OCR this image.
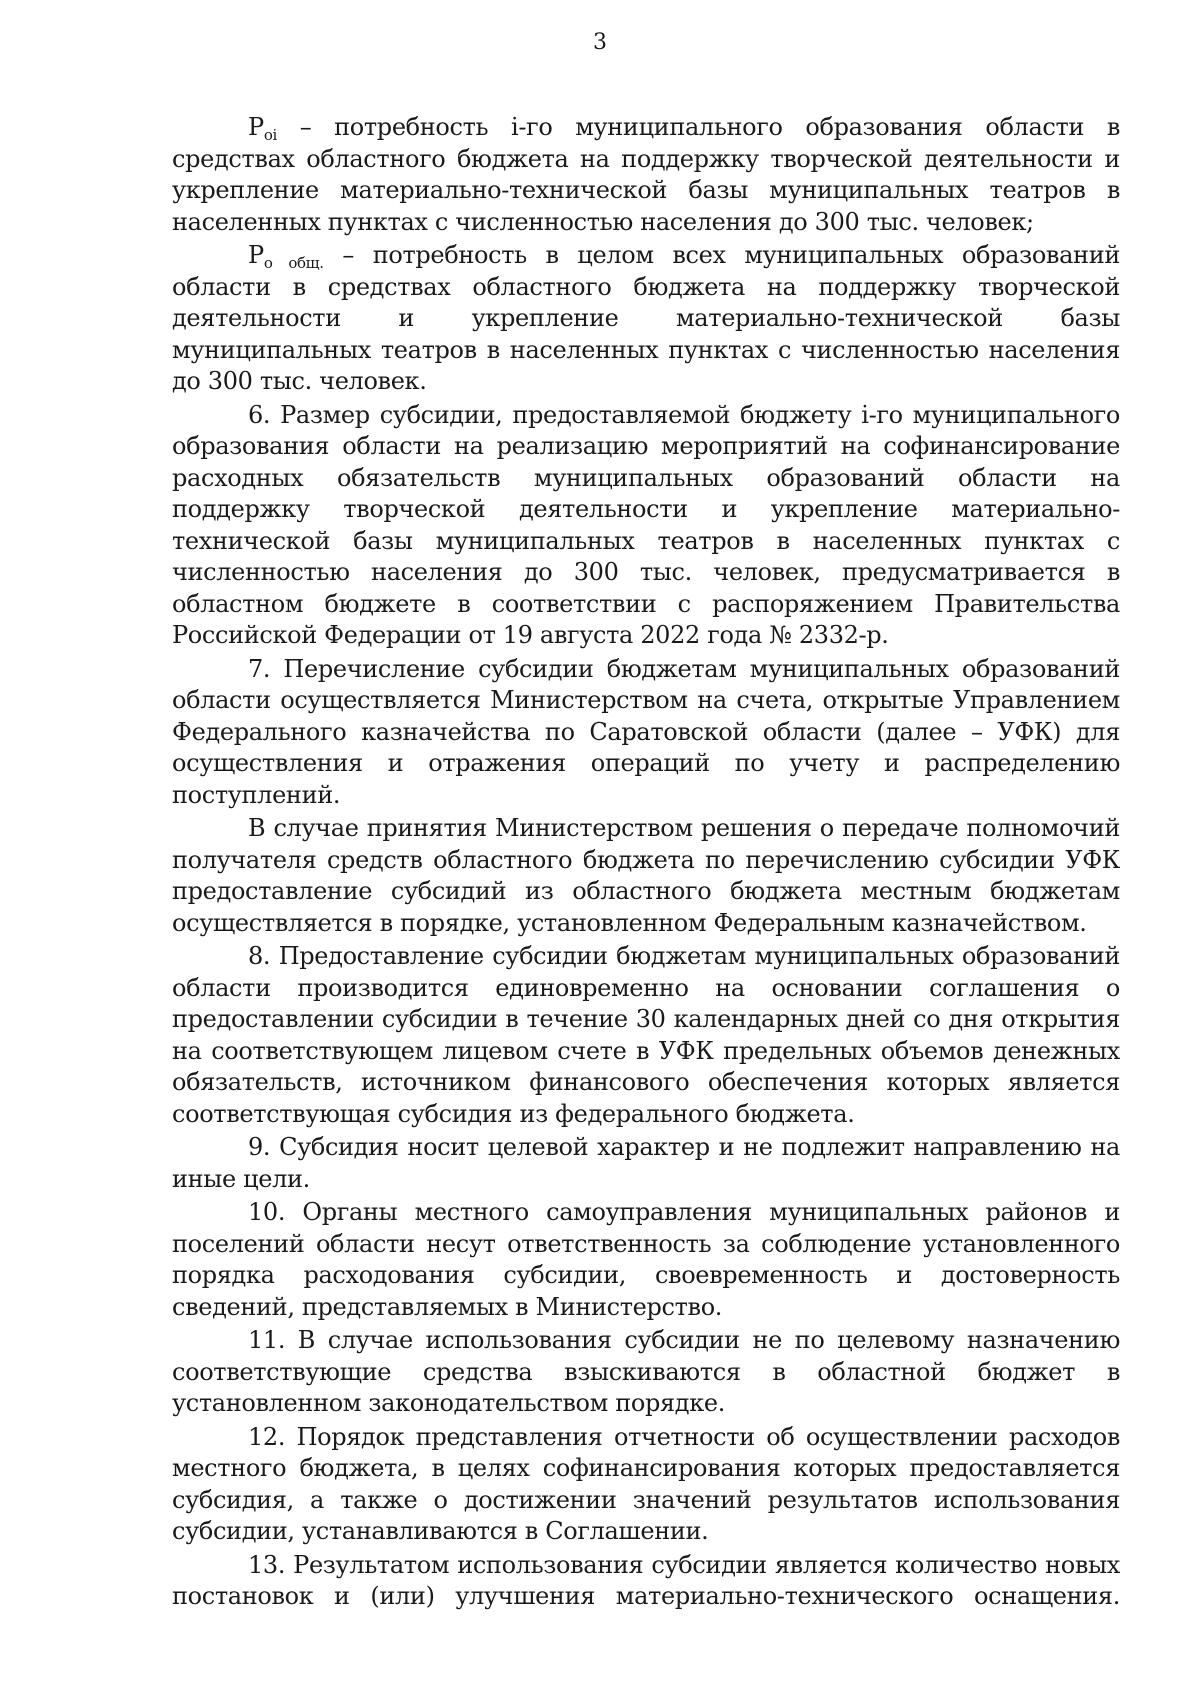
3

$P_{oi}$ – потребность i-го муниципального образования области в средствах областного бюджета на поддержку творческой деятельности и укрепление материально-технической базы муниципальных театров в населенных пунктах с численностью населения до 300 тыс. человек;

$P_{о общ.}$ – потребность в целом всех муниципальных образований области в средствах областного бюджета на поддержку творческой деятельности и укрепление материально-технической базы муниципальных театров в населенных пунктах с численностью населения до 300 тыс. человек.

6. Размер субсидии, предоставляемой бюджету i-го муниципального образования области на реализацию мероприятий на софинансирование расходных обязательств муниципальных образований области на поддержку творческой деятельности и укрепление материально-технической базы муниципальных театров в населенных пунктах с численностью населения до 300 тыс. человек, предусматривается в областном бюджете в соответствии с распоряжением Правительства Российской Федерации от 19 августа 2022 года № 2332-р.

7. Перечисление субсидии бюджетам муниципальных образований области осуществляется Министерством на счета, открытые Управлением Федерального казначейства по Саратовской области (далее – УФК) для осуществления и отражения операций по учету и распределению поступлений.

В случае принятия Министерством решения о передаче полномочий получателя средств областного бюджета по перечислению субсидии УФК предоставление субсидий из областного бюджета местным бюджетам осуществляется в порядке, установленном Федеральным казначейством.

8. Предоставление субсидии бюджетам муниципальных образований области производится единовременно на основании соглашения о предоставлении субсидии в течение 30 календарных дней со дня открытия на соответствующем лицевом счете в УФК предельных объемов денежных обязательств, источником финансового обеспечения которых является соответствующая субсидия из федерального бюджета.

9. Субсидия носит целевой характер и не подлежит направлению на иные цели.

10. Органы местного самоуправления муниципальных районов и поселений области несут ответственность за соблюдение установленного порядка расходования субсидии, своевременность и достоверность сведений, представляемых в Министерство.

11. В случае использования субсидии не по целевому назначению соответствующие средства взыскиваются в областной бюджет в установленном законодательством порядке.

12. Порядок представления отчетности об осуществлении расходов местного бюджета, в целях софинансирования которых предоставляется субсидия, а также о достижении значений результатов использования субсидии, устанавливаются в Соглашении.

13. Результатом использования субсидии является количество новых постановок и (или) улучшения материально-технического оснащения.
